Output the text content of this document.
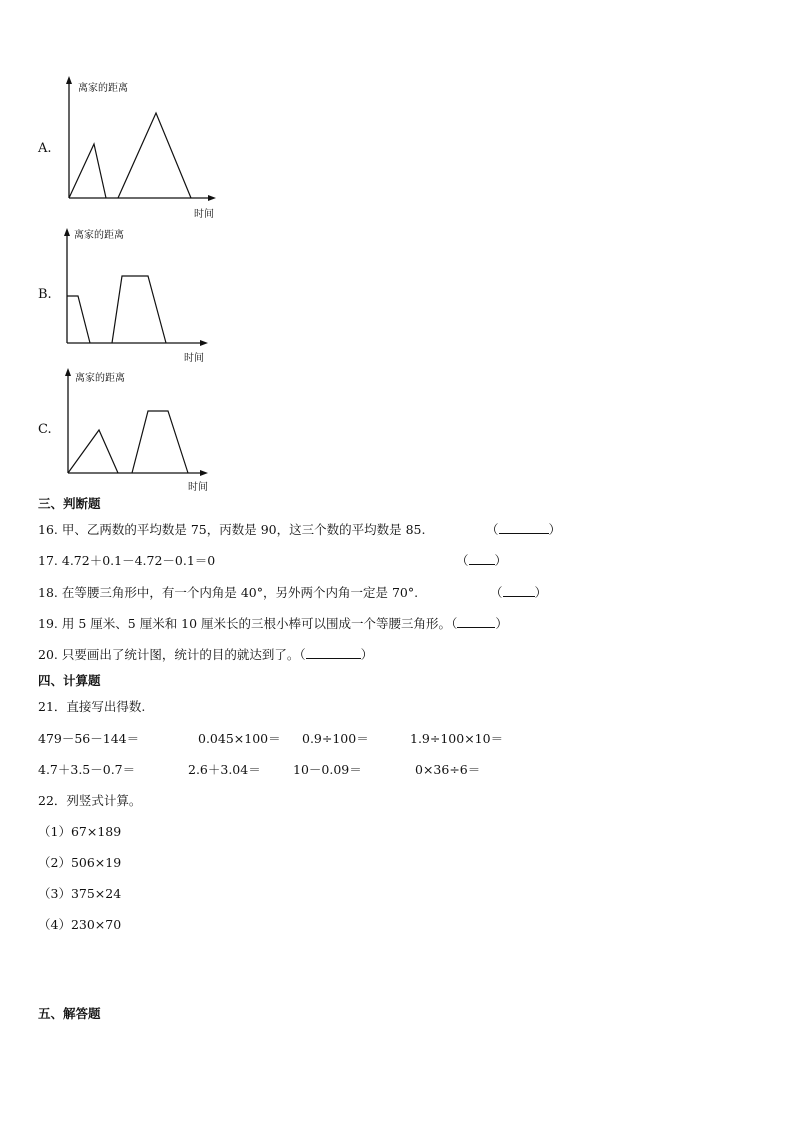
A.
离家的距离
时间
B.
离家的距离
时间
C.
离家的距离
时间
三、判断题
16. 甲、乙两数的平均数是 75，丙数是 90，这三个数的平均数是 85.	（	）
17. 4.72＋0.1－4.72－0.1＝0	（ ）
18. 在等腰三角形中，有一个内角是 40°，另外两个内角一定是 70°.	（	）
19. 用 5 厘米、5 厘米和 10 厘米长的三根小棒可以围成一个等腰三角形。（	）
20. 只要画出了统计图，统计的目的就达到了。（	）
四、计算题
21．直接写出得数.
479－56－144＝	0.045×100＝ 0.9÷100＝	1.9÷100×10＝
4.7＋3.5－0.7＝	2.6＋3.04＝	10－0.09＝	0×36÷6＝
22．列竖式计算。
（1）67×189
（2）506×19
（3）375×24
（4）230×70
五、解答题
